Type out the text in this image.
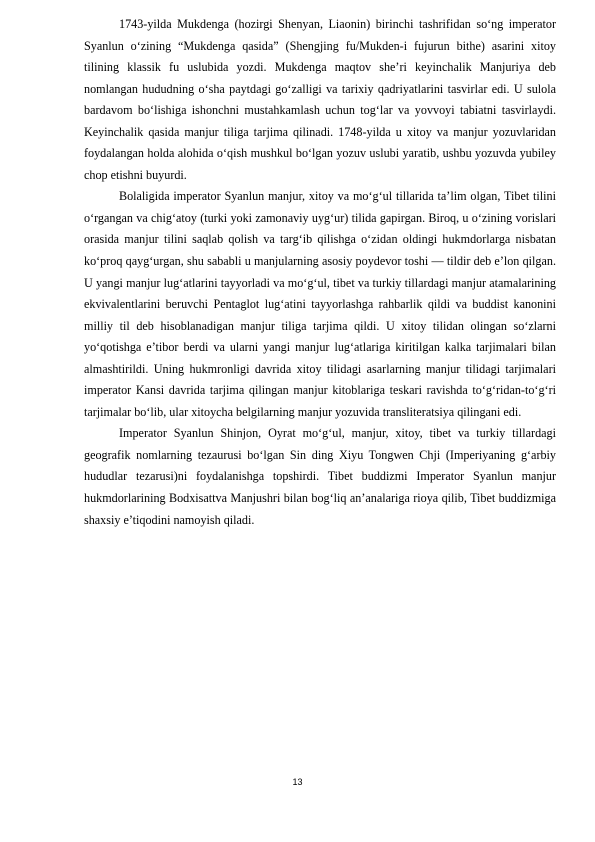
1743-yilda Mukdenga (hozirgi Shenyan, Liaonin) birinchi tashrifidan so‘ng imperator Syanlun o‘zining “Mukdenga qasida” (Shengjing fu/Mukden-i fujurun bithe) asarini xitoy tilining klassik fu uslubida yozdi. Mukdenga maqtov she’ri keyinchalik Manjuriya deb nomlangan hududning o‘sha paytdagi go‘zalligi va tarixiy qadriyatlarini tasvirlar edi. U sulola bardavom bo‘lishiga ishonchni mustahkamlash uchun tog‘lar va yovvoyi tabiatni tasvirlaydi. Keyinchalik qasida manjur tiliga tarjima qilinadi. 1748-yilda u xitoy va manjur yozuvlaridan foydalangan holda alohida o‘qish mushkul bo‘lgan yozuv uslubi yaratib, ushbu yozuvda yubiley chop etishni buyurdi.

Bolaligida imperator Syanlun manjur, xitoy va mo‘g‘ul tillarida ta’lim olgan, Tibet tilini o‘rgangan va chig‘atoy (turki yoki zamonaviy uyg‘ur) tilida gapirgan. Biroq, u o‘zining vorislari orasida manjur tilini saqlab qolish va targ‘ib qilishga o‘zidan oldingi hukmdorlarga nisbatan ko‘proq qayg‘urgan, shu sababli u manjularning asosiy poydevor toshi — tildir deb e’lon qilgan. U yangi manjur lug‘atlarini tayyorladi va mo‘g‘ul, tibet va turkiy tillardagi manjur atamalarining ekvivalentlarini beruvchi Pentaglot lug‘atini tayyorlashga rahbarlik qildi va buddist kanonini milliy til deb hisoblanadigan manjur tiliga tarjima qildi. U xitoy tilidan olingan so‘zlarni yo‘qotishga e’tibor berdi va ularni yangi manjur lug‘atlariga kiritilgan kalka tarjimalari bilan almashtirildi. Uning hukmronligi davrida xitoy tilidagi asarlarning manjur tilidagi tarjimalari imperator Kansi davrida tarjima qilingan manjur kitoblariga teskari ravishda to‘g‘ridan-to‘g‘ri tarjimalar bo‘lib, ular xitoycha belgilarning manjur yozuvida transliteratsiya qilingani edi.

Imperator Syanlun Shinjon, Oyrat mo‘g‘ul, manjur, xitoy, tibet va turkiy tillardagi geografik nomlarning tezaurusi bo‘lgan Sin ding Xiyu Tongwen Chji (Imperiyaning g‘arbiy hududlar tezarusi)ni foydalanishga topshirdi. Tibet buddizmi Imperator Syanlun manjur hukmdorlarining Bodxisattva Manjushri bilan bog‘liq an’analariga rioya qilib, Tibet buddizmiga shaxsiy e’tiqodini namoyish qiladi.

13
